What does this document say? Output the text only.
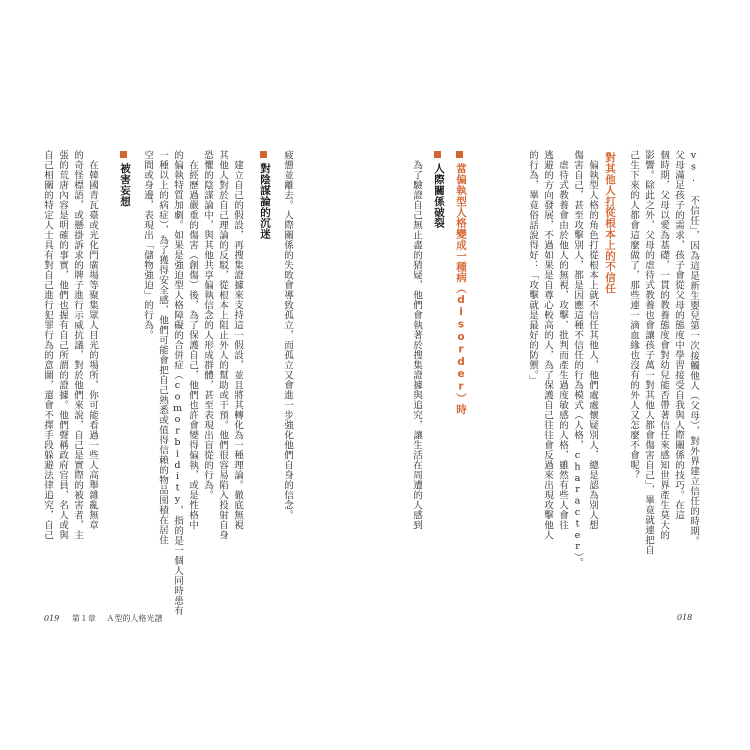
vs. 不信任」，因為這是新生嬰兒第一次接觸他人（父母），對外界建立信任的時期。
父母滿足孩子的需求，孩子會從父母的態度中學習接受自我與人際關係的技巧。在這
個時期，父母以愛為基礎，一貫的教養態度會對幼兒能否帶著信任來感知世界產生莫大的
影響。除此之外，父母的虐待式教養也會讓孩子萬一對其他人都會傷害自己」，畢竟就連把自
己生下來的人都會這麼做了，那些連一滴血緣也沒有的外人又怎麼不會呢？
對其他人打從根本上的不信任
偏執型人格的角色打從根本上就不信任其他人，他們處處懷疑別人，總是認為別人想
傷害自己，甚至攻擊別人，都是因應這種不信任的行為模式（人格，character）。
虐待式教養會由於他人的無視，攻擊、批判而產生過度敏感的人格，雖然有些人會往
逃避的方向發展，不過如果是自尊心較高的人，為了保護自己往往會反過來出現攻擊他人
的行為，畢竟俗話說得好：「攻擊就是最好的防禦。」
當偏執型人格變成一種病（disorder）時
人際關係破裂
為了驗證自己無止盡的猜疑，他們會執著於搜集證據與追究，讓生活在周遭的人感到
018
疲憊並離去。人際關係的失敗會導致孤立，而孤立又會進一步強化他們自身的信念。
對陰謀論的沉迷
建立自己的假設，再搜集證據來支持這一假設，並且將其轉化為一種理論。徹底無視
其他人對於自己理論的反駁，從根本上阻止外人的幫助或干預。他們很容易陷入投射自身
恐懼的陰謀論中，與其他共享偏執信念的人形成群體，甚至表現出盲從的行為。
在經歷過嚴重的傷害（創傷）後，為了保護自己，他們也許會變得偏執，或是性格中
的偏執特質加劇。如果是強迫型人格障礙的合併症（comorbidity，指的是一個人同時患有
一種以上的病症），為了獲得安全感，他們可能會把自己熟悉或值得信賴的物品囤積在居住
空間或身邊，表現出「儲物強迫」的行為。
被害妄想
在韓國青瓦臺或光化門廣場等聚集眾人目光的場所，你可能看過一些人高舉雜亂無章
的奇怪標語，或懸掛訴求的牌子進行示威抗議，對於他們來說，自己是實際的被害者，主
張的荒唐內容是明確的事實，他們也握有自己所謂的證據。他們聲稱政府官員，名人或與
自己相關的特定人士具有對自己進行犯罪行為的意圖，還會不擇手段躲避法律追究，自己
019 第１章 Ａ型的人格光譜
